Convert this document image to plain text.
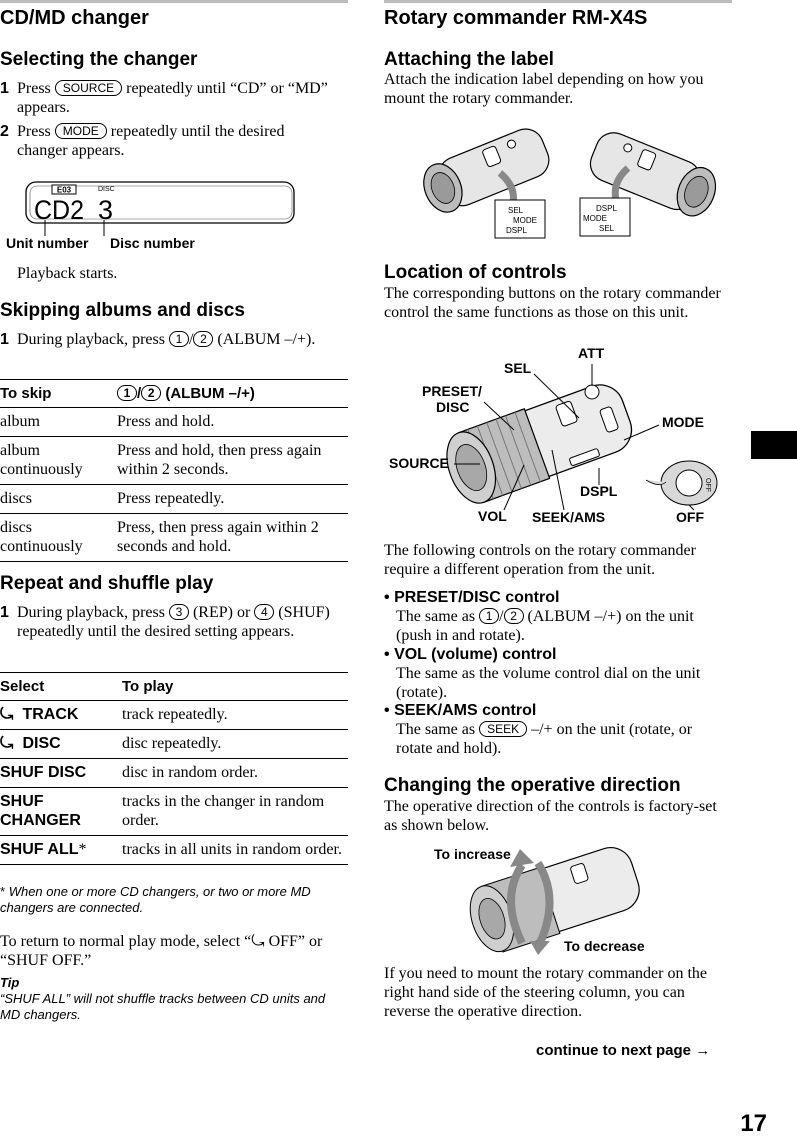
CD/MD changer
Selecting the changer
1 Press SOURCE repeatedly until “CD” or “MD” appears.
2 Press MODE repeatedly until the desired changer appears.
E03	DISC
CD2 3
Unit number Disc number
Playback starts.
Skipping albums and discs
1 During playback, press 1 / 2 (ALBUM –/+).
To skip	1 / 2 (ALBUM –/+)
album	Press and hold.
album continuously	Press and hold, then press again within 2 seconds.
discs	Press repeatedly.
discs continuously	Press, then press again within 2 seconds and hold.
Repeat and shuffle play
1 During playback, press 3 (REP) or 4 (SHUF) repeatedly until the desired setting appears.
Select	To play
⤿ TRACK	track repeatedly.
⤿ DISC	disc repeatedly.
SHUF DISC	disc in random order.
SHUF CHANGER	tracks in the changer in random order.
SHUF ALL*	tracks in all units in random order.
* When one or more CD changers, or two or more MD changers are connected.
To return to normal play mode, select “⤿ OFF” or “SHUF OFF.”
Tip
“SHUF ALL” will not shuffle tracks between CD units and MD changers.
Rotary commander RM-X4S
Attaching the label
Attach the indication label depending on how you mount the rotary commander.
SEL
MODE
DSPL
DSPL
MODE
SEL
Location of controls
The corresponding buttons on the rotary commander control the same functions as those on this unit.
OFF
ATT
SEL
PRESET/
DISC
MODE
SOURCE
DSPL
VOL SEEK/AMS	OFF
The following controls on the rotary commander require a different operation from the unit.
• PRESET/DISC control
The same as 1 / 2 (ALBUM –/+) on the unit (push in and rotate).
• VOL (volume) control
The same as the volume control dial on the unit (rotate).
• SEEK/AMS control
The same as SEEK –/+ on the unit (rotate, or rotate and hold).
Changing the operative direction
The operative direction of the controls is factory-set as shown below.
To increase
To decrease
If you need to mount the rotary commander on the right hand side of the steering column, you can reverse the operative direction.
continue to next page →
17
